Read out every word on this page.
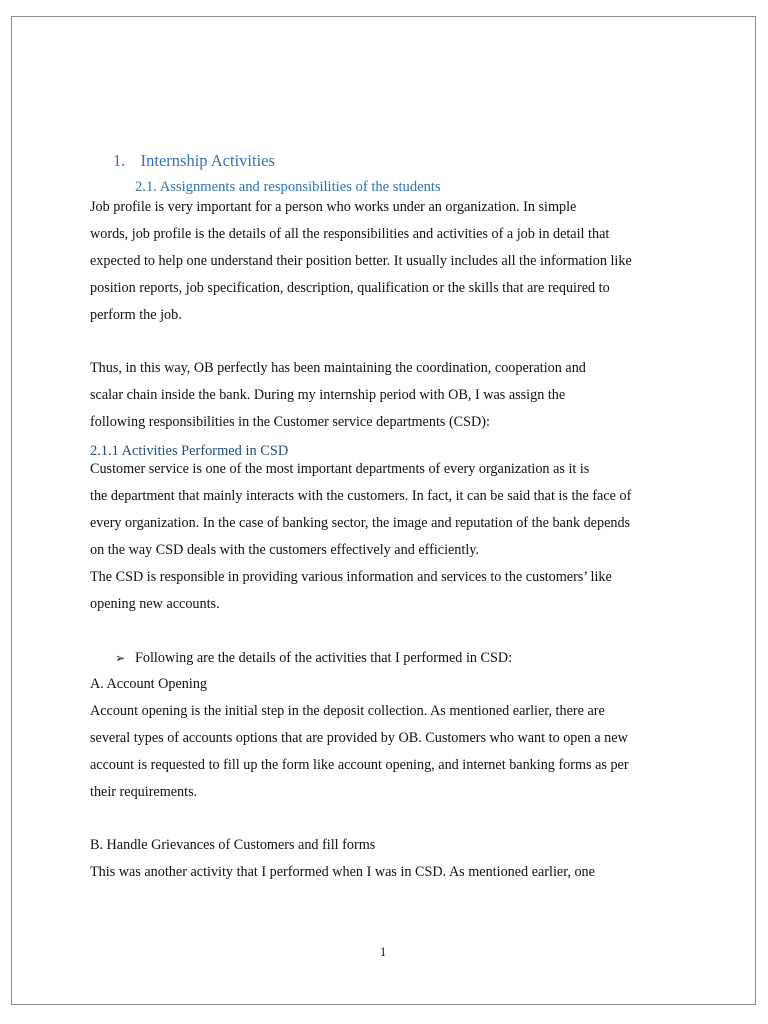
1. Internship Activities
2.1. Assignments and responsibilities of the students
Job profile is very important for a person who works under an organization. In simple
words, job profile is the details of all the responsibilities and activities of a job in detail that
expected to help one understand their position better. It usually includes all the information like
position reports, job specification, description, qualification or the skills that are required to
perform the job.
Thus, in this way, OB perfectly has been maintaining the coordination, cooperation and
scalar chain inside the bank. During my internship period with OB, I was assign the
following responsibilities in the Customer service departments (CSD):
2.1.1 Activities Performed in CSD
Customer service is one of the most important departments of every organization as it is
the department that mainly interacts with the customers. In fact, it can be said that is the face of
every organization. In the case of banking sector, the image and reputation of the bank depends
on the way CSD deals with the customers effectively and efficiently.
The CSD is responsible in providing various information and services to the customers’ like
opening new accounts.
➢ Following are the details of the activities that I performed in CSD:
A. Account Opening
Account opening is the initial step in the deposit collection. As mentioned earlier, there are
several types of accounts options that are provided by OB. Customers who want to open a new
account is requested to fill up the form like account opening, and internet banking forms as per
their requirements.
B. Handle Grievances of Customers and fill forms
This was another activity that I performed when I was in CSD. As mentioned earlier, one
1
